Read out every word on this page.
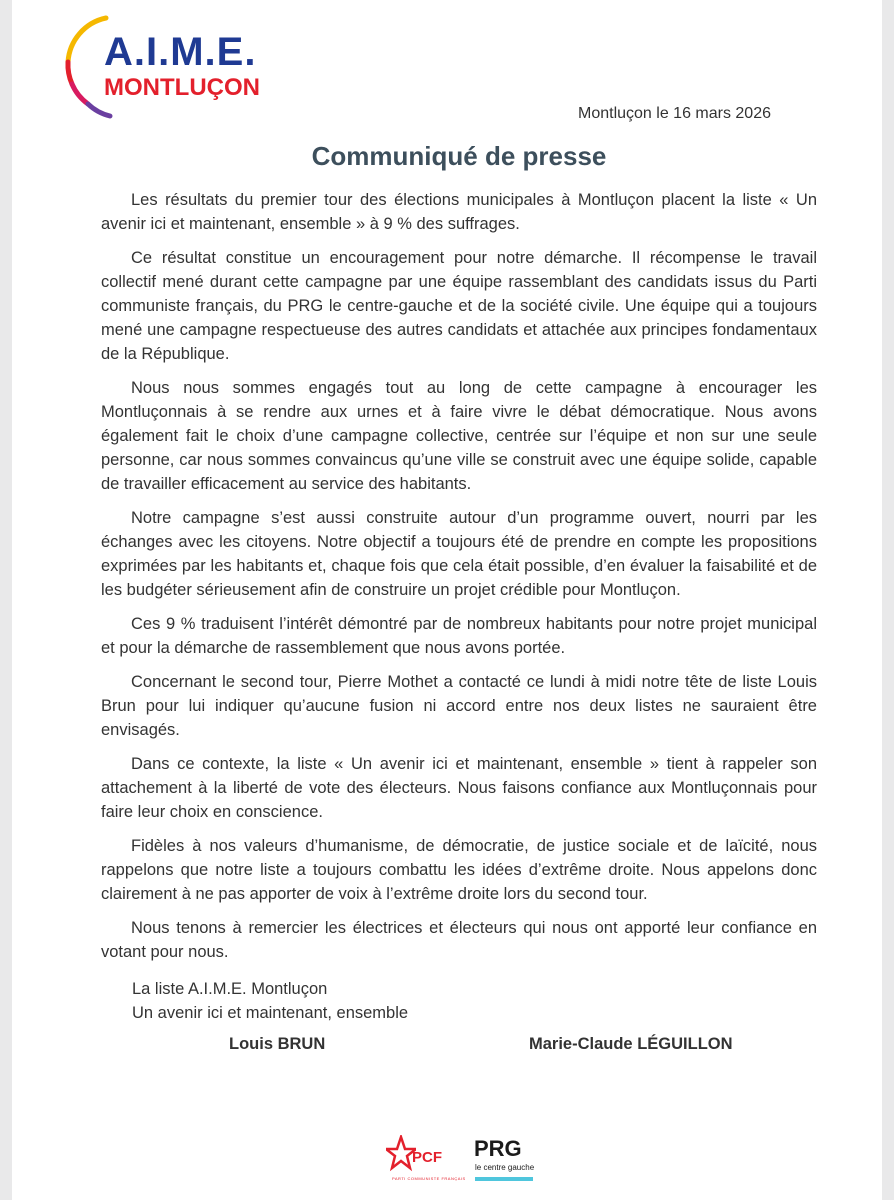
A.I.M.E.
MONTLUÇON
Montluçon le 16 mars 2026
Communiqué de presse

Les résultats du premier tour des élections municipales à Montluçon placent la liste « Un avenir ici et maintenant, ensemble » à 9 % des suffrages.

Ce résultat constitue un encouragement pour notre démarche. Il récompense le travail collectif mené durant cette campagne par une équipe rassemblant des candidats issus du Parti communiste français, du PRG le centre-gauche et de la société civile. Une équipe qui a toujours mené une campagne respectueuse des autres candidats et attachée aux principes fondamentaux de la République.

Nous nous sommes engagés tout au long de cette campagne à encourager les Montluçonnais à se rendre aux urnes et à faire vivre le débat démocratique. Nous avons également fait le choix d’une campagne collective, centrée sur l’équipe et non sur une seule personne, car nous sommes convaincus qu’une ville se construit avec une équipe solide, capable de travailler efficacement au service des habitants.

Notre campagne s’est aussi construite autour d’un programme ouvert, nourri par les échanges avec les citoyens. Notre objectif a toujours été de prendre en compte les propositions exprimées par les habitants et, chaque fois que cela était possible, d’en évaluer la faisabilité et de les budgéter sérieusement afin de construire un projet crédible pour Montluçon.

Ces 9 % traduisent l’intérêt démontré par de nombreux habitants pour notre projet municipal et pour la démarche de rassemblement que nous avons portée.

Concernant le second tour, Pierre Mothet a contacté ce lundi à midi notre tête de liste Louis Brun pour lui indiquer qu’aucune fusion ni accord entre nos deux listes ne sauraient être envisagés.

Dans ce contexte, la liste « Un avenir ici et maintenant, ensemble » tient à rappeler son attachement à la liberté de vote des électeurs. Nous faisons confiance aux Montluçonnais pour faire leur choix en conscience.

Fidèles à nos valeurs d’humanisme, de démocratie, de justice sociale et de laïcité, nous rappelons que notre liste a toujours combattu les idées d’extrême droite. Nous appelons donc clairement à ne pas apporter de voix à l’extrême droite lors du second tour.

Nous tenons à remercier les électrices et électeurs qui nous ont apporté leur confiance en votant pour nous.

La liste A.I.M.E. Montluçon
Un avenir ici et maintenant, ensemble
Louis BRUN	Marie-Claude LÉGUILLON
PCF
PARTI COMMUNISTE FRANÇAIS
PRG
le centre gauche
